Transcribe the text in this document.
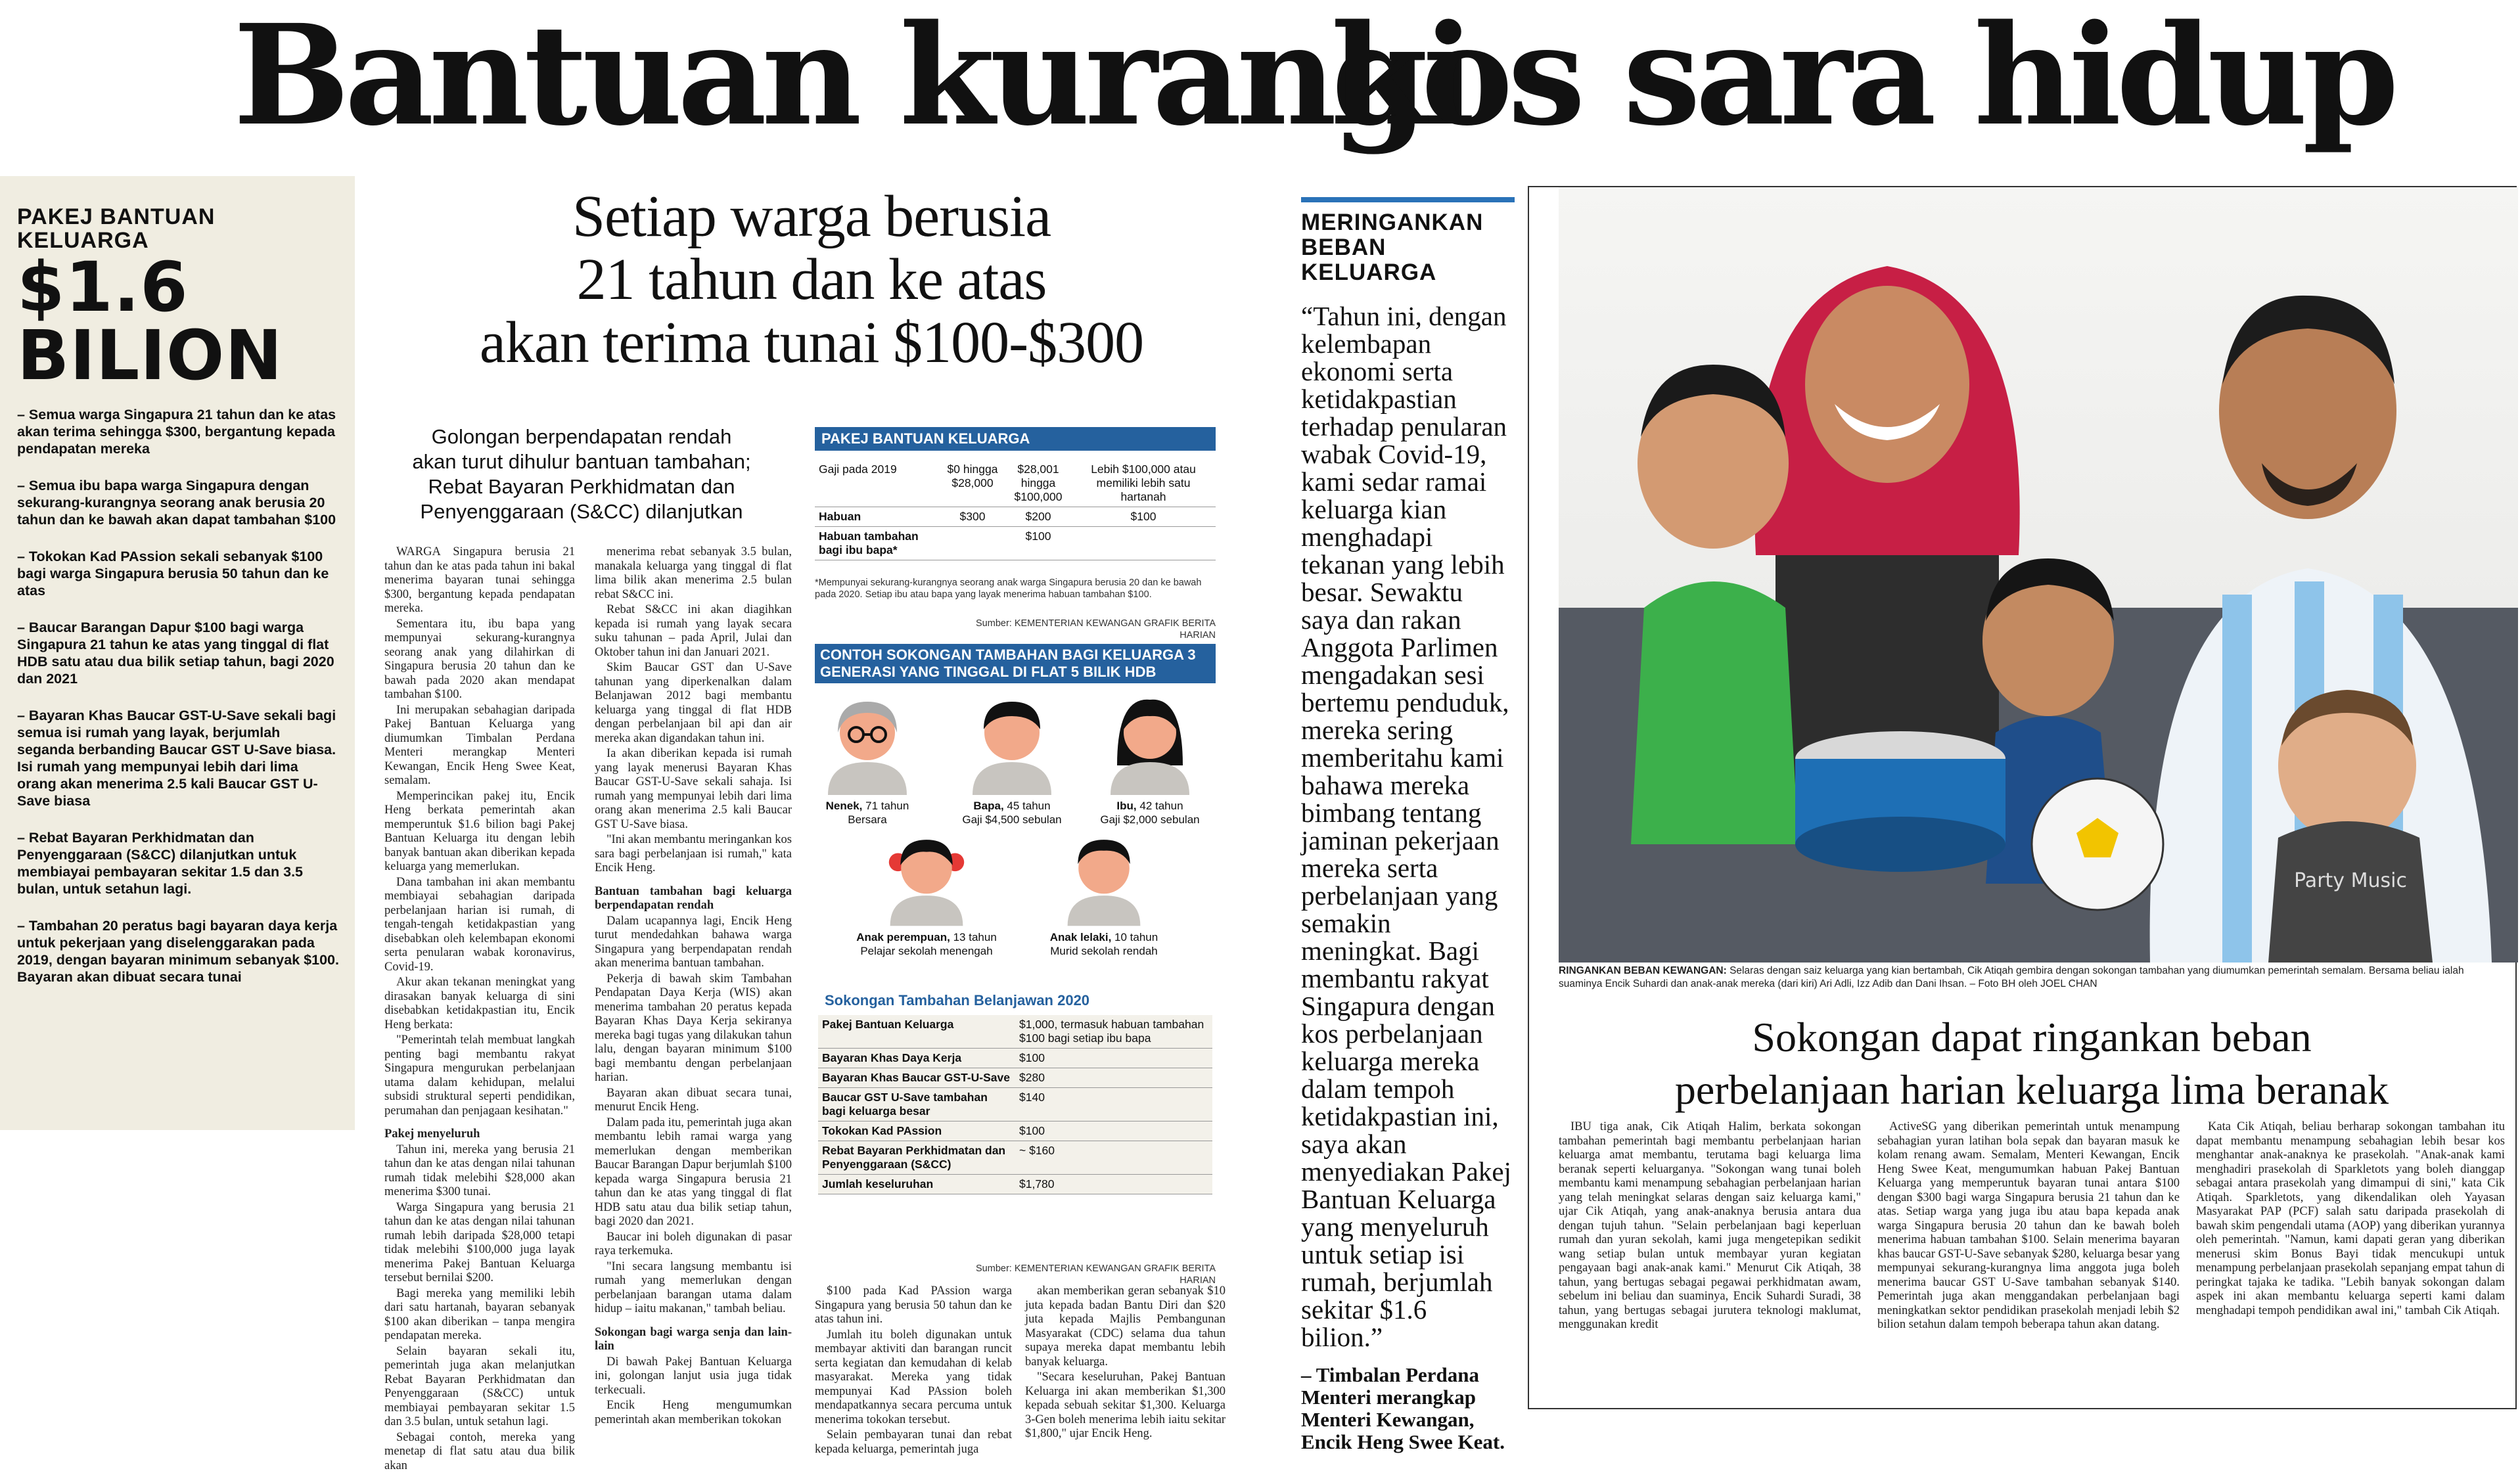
Bantuan kurangi
kos sara hidup
PAKEJ BANTUAN KELUARGA
$1.6
BILION
– Semua warga Singapura 21 tahun dan ke atas akan terima sehingga $300, bergantung kepada pendapatan mereka
– Semua ibu bapa warga Singapura dengan sekurang-kurangnya seorang anak berusia 20 tahun dan ke bawah akan dapat tambahan $100
– Tokokan Kad PAssion sekali sebanyak $100 bagi warga Singapura berusia 50 tahun dan ke atas
– Baucar Barangan Dapur $100 bagi warga Singapura 21 tahun ke atas yang tinggal di flat HDB satu atau dua bilik setiap tahun, bagi 2020 dan 2021
– Bayaran Khas Baucar GST-U-Save sekali bagi semua isi rumah yang layak, berjumlah seganda berbanding Baucar GST U-Save biasa. Isi rumah yang mempunyai lebih dari lima orang akan menerima 2.5 kali Baucar GST U-Save biasa
– Rebat Bayaran Perkhidmatan dan Penyenggaraan (S&CC) dilanjutkan untuk membiayai pembayaran sekitar 1.5 dan 3.5 bulan, untuk setahun lagi.
– Tambahan 20 peratus bagi bayaran daya kerja untuk pekerjaan yang diselenggarakan pada 2019, dengan bayaran minimum sebanyak $100. Bayaran akan dibuat secara tunai
Setiap warga berusia
21 tahun dan ke atas
akan terima tunai $100-$300
Golongan berpendapatan rendah
akan turut dihulur bantuan tambahan;
Rebat Bayaran Perkhidmatan dan
Penyenggaraan (S&CC) dilanjutkan

WARGA Singapura berusia 21 tahun dan ke atas pada tahun ini bakal menerima bayaran tunai sehingga $300, bergantung kepada pendapatan mereka.

Sementara itu, ibu bapa yang mempunyai sekurang-kurangnya seorang anak yang dilahirkan di Singapura berusia 20 tahun dan ke bawah pada 2020 akan mendapat tambahan $100.

Ini merupakan sebahagian daripada Pakej Bantuan Keluarga yang diumumkan Timbalan Perdana Menteri merangkap Menteri Kewangan, Encik Heng Swee Keat, semalam.

Memperincikan pakej itu, Encik Heng berkata pemerintah akan memperuntuk $1.6 bilion bagi Pakej Bantuan Keluarga itu dengan lebih banyak bantuan akan diberikan kepada keluarga yang memerlukan.

Dana tambahan ini akan membantu membiayai sebahagian daripada perbelanjaan harian isi rumah, di tengah-tengah ketidakpastian yang disebabkan oleh kelembapan ekonomi serta penularan wabak koronavirus, Covid-19.

Akur akan tekanan meningkat yang dirasakan banyak keluarga di sini disebabkan ketidakpastian itu, Encik Heng berkata:

"Pemerintah telah membuat langkah penting bagi membantu rakyat Singapura mengurukan perbelanjaan utama dalam kehidupan, melalui subsidi struktural seperti pendidikan, perumahan dan penjagaan kesihatan."

Pakej menyeluruh

Tahun ini, mereka yang berusia 21 tahun dan ke atas dengan nilai tahunan rumah tidak melebihi $28,000 akan menerima $300 tunai.

Warga Singapura yang berusia 21 tahun dan ke atas dengan nilai tahunan rumah lebih daripada $28,000 tetapi tidak melebihi $100,000 juga layak menerima Pakej Bantuan Keluarga tersebut bernilai $200.

Bagi mereka yang memiliki lebih dari satu hartanah, bayaran sebanyak $100 akan diberikan – tanpa mengira pendapatan mereka.

Selain bayaran sekali itu, pemerintah juga akan melanjutkan Rebat Bayaran Perkhidmatan dan Penyenggaraan (S&CC) untuk membiayai pembayaran sekitar 1.5 dan 3.5 bulan, untuk setahun lagi.

Sebagai contoh, mereka yang menetap di flat satu atau dua bilik akan

menerima rebat sebanyak 3.5 bulan, manakala keluarga yang tinggal di flat lima bilik akan menerima 2.5 bulan rebat S&CC ini.

Rebat S&CC ini akan diagihkan kepada isi rumah yang layak secara suku tahunan – pada April, Julai dan Oktober tahun ini dan Januari 2021.

Skim Baucar GST dan U-Save tahunan yang diperkenalkan dalam Belanjawan 2012 bagi membantu keluarga yang tinggal di flat HDB dengan perbelanjaan bil api dan air mereka akan digandakan tahun ini.

Ia akan diberikan kepada isi rumah yang layak menerusi Bayaran Khas Baucar GST-U-Save sekali sahaja. Isi rumah yang mempunyai lebih dari lima orang akan menerima 2.5 kali Baucar GST U-Save biasa.

"Ini akan membantu meringankan kos sara bagi perbelanjaan isi rumah," kata Encik Heng.

Bantuan tambahan bagi keluarga berpendapatan rendah

Dalam ucapannya lagi, Encik Heng turut mendedahkan bahawa warga Singapura yang berpendapatan rendah akan menerima bantuan tambahan.

Pekerja di bawah skim Tambahan Pendapatan Daya Kerja (WIS) akan menerima tambahan 20 peratus kepada Bayaran Khas Daya Kerja sekiranya mereka bagi tugas yang dilakukan tahun lalu, dengan bayaran minimum $100 bagi membantu dengan perbelanjaan harian.

Bayaran akan dibuat secara tunai, menurut Encik Heng.

Dalam pada itu, pemerintah juga akan membantu lebih ramai warga yang memerlukan dengan memberikan Baucar Barangan Dapur berjumlah $100 kepada warga Singapura berusia 21 tahun dan ke atas yang tinggal di flat HDB satu atau dua bilik setiap tahun, bagi 2020 dan 2021.

Baucar ini boleh digunakan di pasar raya terkemuka.

"Ini secara langsung membantu isi rumah yang memerlukan dengan perbelanjaan barangan utama dalam hidup – iaitu makanan," tambah beliau.

Sokongan bagi warga senja dan lain-lain

Di bawah Pakej Bantuan Keluarga ini, golongan lanjut usia juga tidak terkecuali.

Encik Heng mengumumkan pemerintah akan memberikan tokokan

$100 pada Kad PAssion warga Singapura yang berusia 50 tahun dan ke atas tahun ini.

Jumlah itu boleh digunakan untuk membayar aktiviti dan barangan runcit serta kegiatan dan kemudahan di kelab masyarakat. Mereka yang tidak mempunyai Kad PAssion boleh mendapatkannya secara percuma untuk menerima tokokan tersebut.

Selain pembayaran tunai dan rebat kepada keluarga, pemerintah juga

akan memberikan geran sebanyak $10 juta kepada badan Bantu Diri dan $20 juta kepada Majlis Pembangunan Masyarakat (CDC) selama dua tahun supaya mereka dapat membantu lebih banyak keluarga.

"Secara keseluruhan, Pakej Bantuan Keluarga ini akan memberikan $1,300 kepada sebuah sekitar $1,300. Keluarga 3-Gen boleh menerima lebih iaitu sekitar $1,800," ujar Encik Heng.

PAKEJ BANTUAN KELUARGA
Gaji pada 2019	$0 hingga $28,000	$28,001 hingga $100,000	Lebih $100,000 atau memiliki lebih satu hartanah
Habuan	$300	$200	$100
Habuan tambahan bagi ibu bapa*		$100	
*Mempunyai sekurang-kurangnya seorang anak warga Singapura berusia 20 dan ke bawah pada 2020. Setiap ibu atau bapa yang layak menerima habuan tambahan $100.
Sumber: KEMENTERIAN KEWANGAN GRAFIK BERITA HARIAN
CONTOH SOKONGAN TAMBAHAN BAGI KELUARGA 3 GENERASI YANG TINGGAL DI FLAT 5 BILIK HDB
Nenek, 71 tahun
Bersara
Bapa, 45 tahun
Gaji $4,500 sebulan
Ibu, 42 tahun
Gaji $2,000 sebulan
Anak perempuan, 13 tahun
Pelajar sekolah menengah
Anak lelaki, 10 tahun
Murid sekolah rendah
Sokongan Tambahan Belanjawan 2020
Pakej Bantuan Keluarga	$1,000, termasuk habuan tambahan $100 bagi setiap ibu bapa
Bayaran Khas Daya Kerja	$100
Bayaran Khas Baucar GST-U-Save	$280
Baucar GST U-Save tambahan bagi keluarga besar	$140
Tokokan Kad PAssion	$100
Rebat Bayaran Perkhidmatan dan Penyenggaraan (S&CC)	~ $160
Jumlah keseluruhan	$1,780
Sumber: KEMENTERIAN KEWANGAN GRAFIK BERITA HARIAN
MERINGANKAN BEBAN KELUARGA
“Tahun ini, dengan kelembapan ekonomi serta ketidakpastian terhadap penularan wabak Covid-19, kami sedar ramai keluarga kian menghadapi tekanan yang lebih besar. Sewaktu saya dan rakan Anggota Parlimen mengadakan sesi bertemu penduduk, mereka sering memberitahu kami bahawa mereka bimbang tentang jaminan pekerjaan mereka serta perbelanjaan yang semakin meningkat. Bagi membantu rakyat Singapura dengan kos perbelanjaan keluarga mereka dalam tempoh ketidakpastian ini, saya akan menyediakan Pakej Bantuan Keluarga yang menyeluruh untuk setiap isi rumah, berjumlah sekitar $1.6 bilion.”
– Timbalan Perdana Menteri merangkap Menteri Kewangan, Encik Heng Swee Keat.
Party Music
RINGANKAN BEBAN KEWANGAN: Selaras dengan saiz keluarga yang kian bertambah, Cik Atiqah gembira dengan sokongan tambahan yang diumumkan pemerintah semalam. Bersama beliau ialah suaminya Encik Suhardi dan anak-anak mereka (dari kiri) Ari Adli, Izz Adib dan Dani Ihsan. – Foto BH oleh JOEL CHAN
Sokongan dapat ringankan beban
perbelanjaan harian keluarga lima beranak

IBU tiga anak, Cik Atiqah Halim, berkata sokongan tambahan pemerintah bagi membantu perbelanjaan harian keluarga amat membantu, terutama bagi keluarga lima beranak seperti keluarganya. "Sokongan wang tunai boleh membantu kami menampung sebahagian perbelanjaan harian yang telah meningkat selaras dengan saiz keluarga kami," ujar Cik Atiqah, yang anak-anaknya berusia antara dua dengan tujuh tahun. "Selain perbelanjaan bagi keperluan rumah dan yuran sekolah, kami juga mengetepikan sedikit wang setiap bulan untuk membayar yuran kegiatan pengayaan bagi anak-anak kami." Menurut Cik Atiqah, 38 tahun, yang bertugas sebagai pegawai perkhidmatan awam, sebelum ini beliau dan suaminya, Encik Suhardi Suradi, 38 tahun, yang bertugas sebagai jurutera teknologi maklumat, menggunakan kredit

ActiveSG yang diberikan pemerintah untuk menampung sebahagian yuran latihan bola sepak dan bayaran masuk ke kolam renang awam. Semalam, Menteri Kewangan, Encik Heng Swee Keat, mengumumkan habuan Pakej Bantuan Keluarga yang memperuntuk bayaran tunai antara $100 dengan $300 bagi warga Singapura berusia 21 tahun dan ke atas. Setiap warga yang juga ibu atau bapa kepada anak warga Singapura berusia 20 tahun dan ke bawah boleh menerima habuan tambahan $100. Selain menerima bayaran khas baucar GST-U-Save sebanyak $280, keluarga besar yang mempunyai sekurang-kurangnya lima anggota juga boleh menerima baucar GST U-Save tambahan sebanyak $140. Pemerintah juga akan menggandakan perbelanjaan bagi meningkatkan sektor pendidikan prasekolah menjadi lebih $2 bilion setahun dalam tempoh beberapa tahun akan datang.

Kata Cik Atiqah, beliau berharap sokongan tambahan itu dapat membantu menampung sebahagian lebih besar kos menghantar anak-anaknya ke prasekolah. "Anak-anak kami menghadiri prasekolah di Sparkletots yang boleh dianggap sebagai antara prasekolah yang dimampui di sini," kata Cik Atiqah. Sparkletots, yang dikendalikan oleh Yayasan Masyarakat PAP (PCF) salah satu daripada prasekolah di bawah skim pengendali utama (AOP) yang diberikan yurannya oleh pemerintah. "Namun, kami dapati geran yang diberikan menerusi skim Bonus Bayi tidak mencukupi untuk menampung perbelanjaan prasekolah sepanjang empat tahun di peringkat tajaka ke tadika. "Lebih banyak sokongan dalam aspek ini akan membantu keluarga seperti kami dalam menghadapi tempoh pendidikan awal ini," tambah Cik Atiqah.
